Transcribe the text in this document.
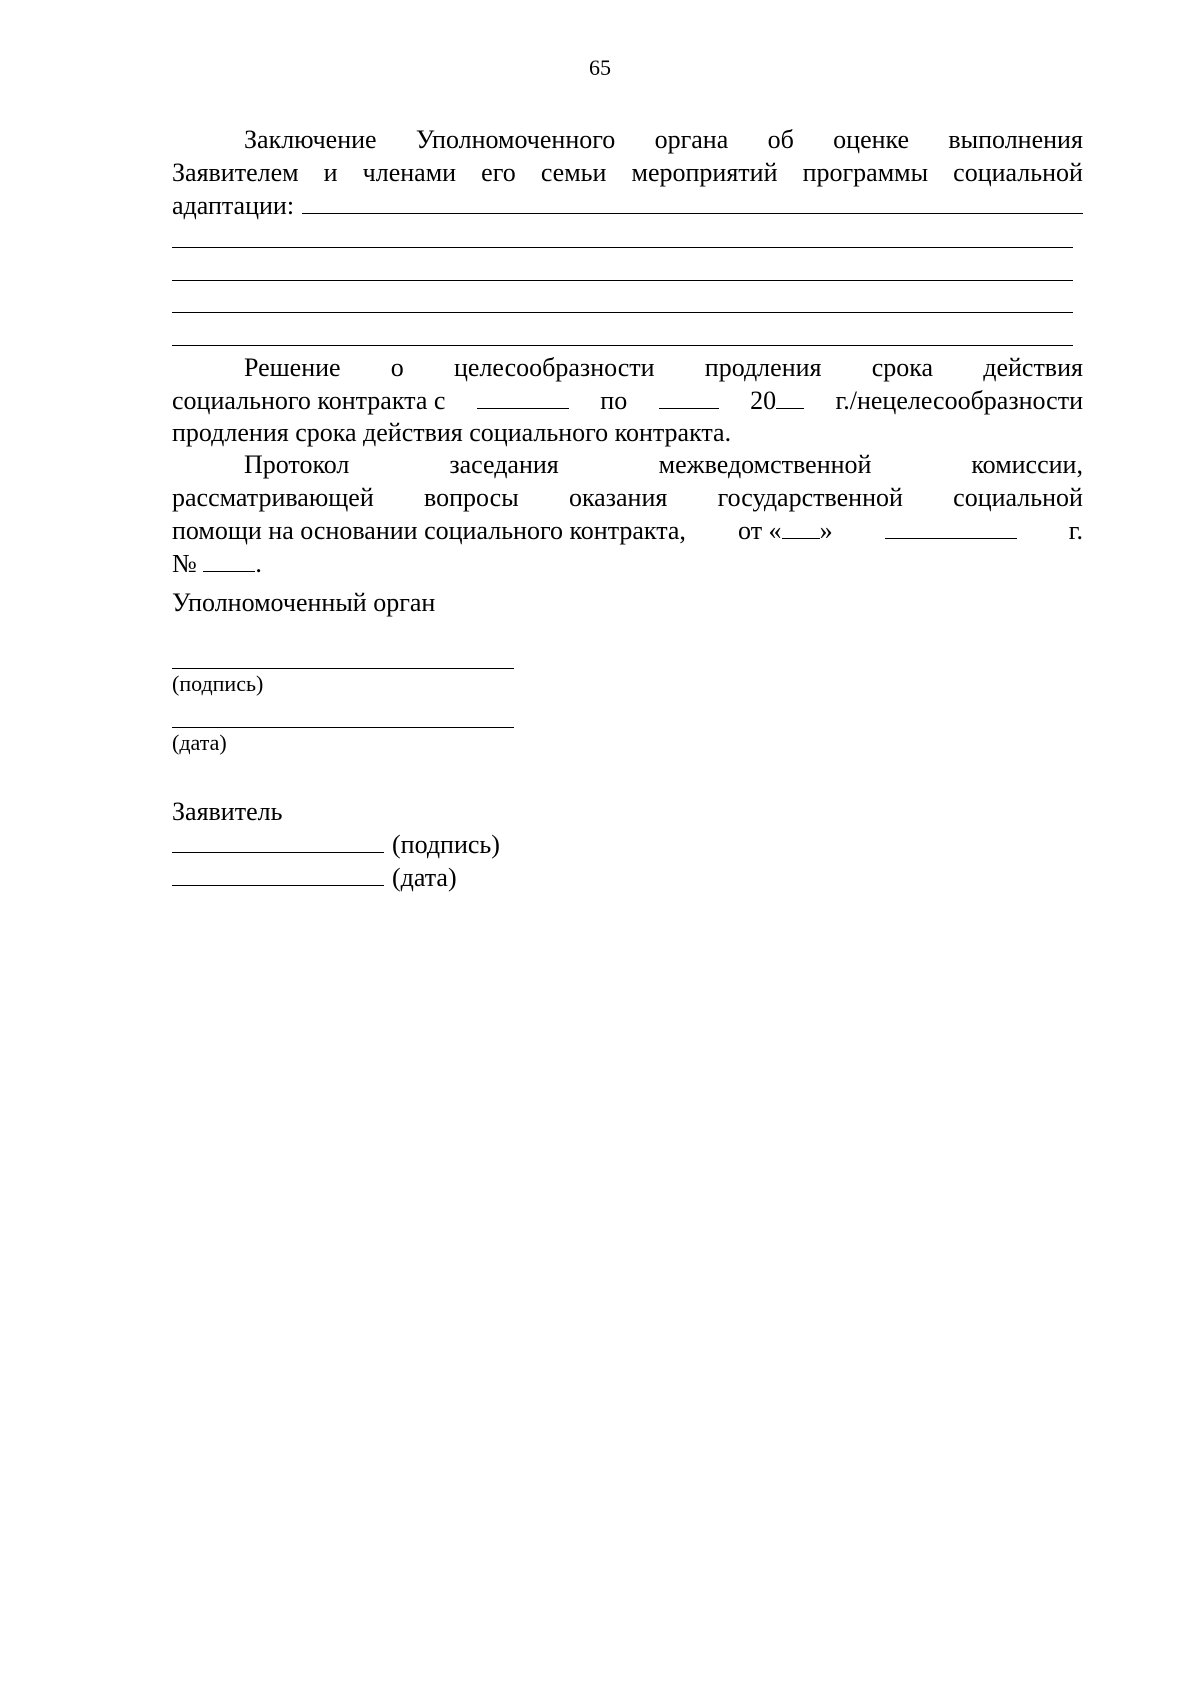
65
Заключение Уполномоченного органа об оценке выполнения
Заявителем и членами его семьи мероприятий программы социальной
адаптации:
Решение о целесообразности продления срока действия
социального контракта с	по	20	г./нецелесообразности
продления срока действия социального контракта.
Протокол	заседания	межведомственной	комиссии,
рассматривающей вопросы оказания государственной социальной
помощи на основании социального контракта, от « »	г.
№ .
Уполномоченный орган

(подпись)

(дата)

Заявитель
(подпись)
(дата)
